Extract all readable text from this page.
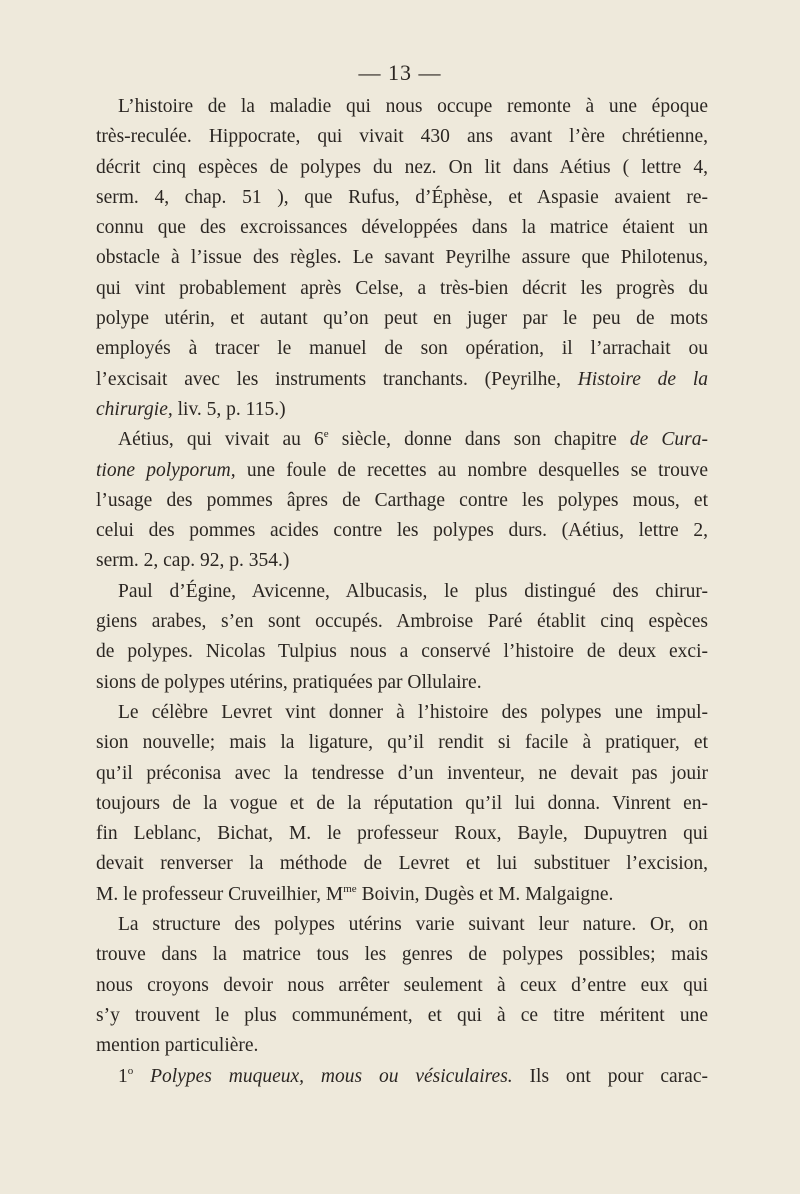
— 13 —
L’histoire de la maladie qui nous occupe remonte à une époque
très-reculée. Hippocrate, qui vivait 430 ans avant l’ère chrétienne,
décrit cinq espèces de polypes du nez. On lit dans Aétius ( lettre 4,
serm. 4, chap. 51 ), que Rufus, d’Éphèse, et Aspasie avaient re-
connu que des excroissances développées dans la matrice étaient un
obstacle à l’issue des règles. Le savant Peyrilhe assure que Philotenus,
qui vint probablement après Celse, a très-bien décrit les progrès du
polype utérin, et autant qu’on peut en juger par le peu de mots
employés à tracer le manuel de son opération, il l’arrachait ou
l’excisait avec les instruments tranchants. (Peyrilhe, Histoire de la
chirurgie, liv. 5, p. 115.)
Aétius, qui vivait au 6e siècle, donne dans son chapitre de Cura-
tione polyporum, une foule de recettes au nombre desquelles se trouve
l’usage des pommes âpres de Carthage contre les polypes mous, et
celui des pommes acides contre les polypes durs. (Aétius, lettre 2,
serm. 2, cap. 92, p. 354.)
Paul d’Égine, Avicenne, Albucasis, le plus distingué des chirur-
giens arabes, s’en sont occupés. Ambroise Paré établit cinq espèces
de polypes. Nicolas Tulpius nous a conservé l’histoire de deux exci-
sions de polypes utérins, pratiquées par Ollulaire.
Le célèbre Levret vint donner à l’histoire des polypes une impul-
sion nouvelle; mais la ligature, qu’il rendit si facile à pratiquer, et
qu’il préconisa avec la tendresse d’un inventeur, ne devait pas jouir
toujours de la vogue et de la réputation qu’il lui donna. Vinrent en-
fin Leblanc, Bichat, M. le professeur Roux, Bayle, Dupuytren qui
devait renverser la méthode de Levret et lui substituer l’excision,
M. le professeur Cruveilhier, $M^{me}$ Boivin, Dugès et M. Malgaigne.
La structure des polypes utérins varie suivant leur nature. Or, on
trouve dans la matrice tous les genres de polypes possibles; mais
nous croyons devoir nous arrêter seulement à ceux d’entre eux qui
s’y trouvent le plus communément, et qui à ce titre méritent une
mention particulière.
1$^o$ Polypes muqueux, mous ou vésiculaires. Ils ont pour carac-
